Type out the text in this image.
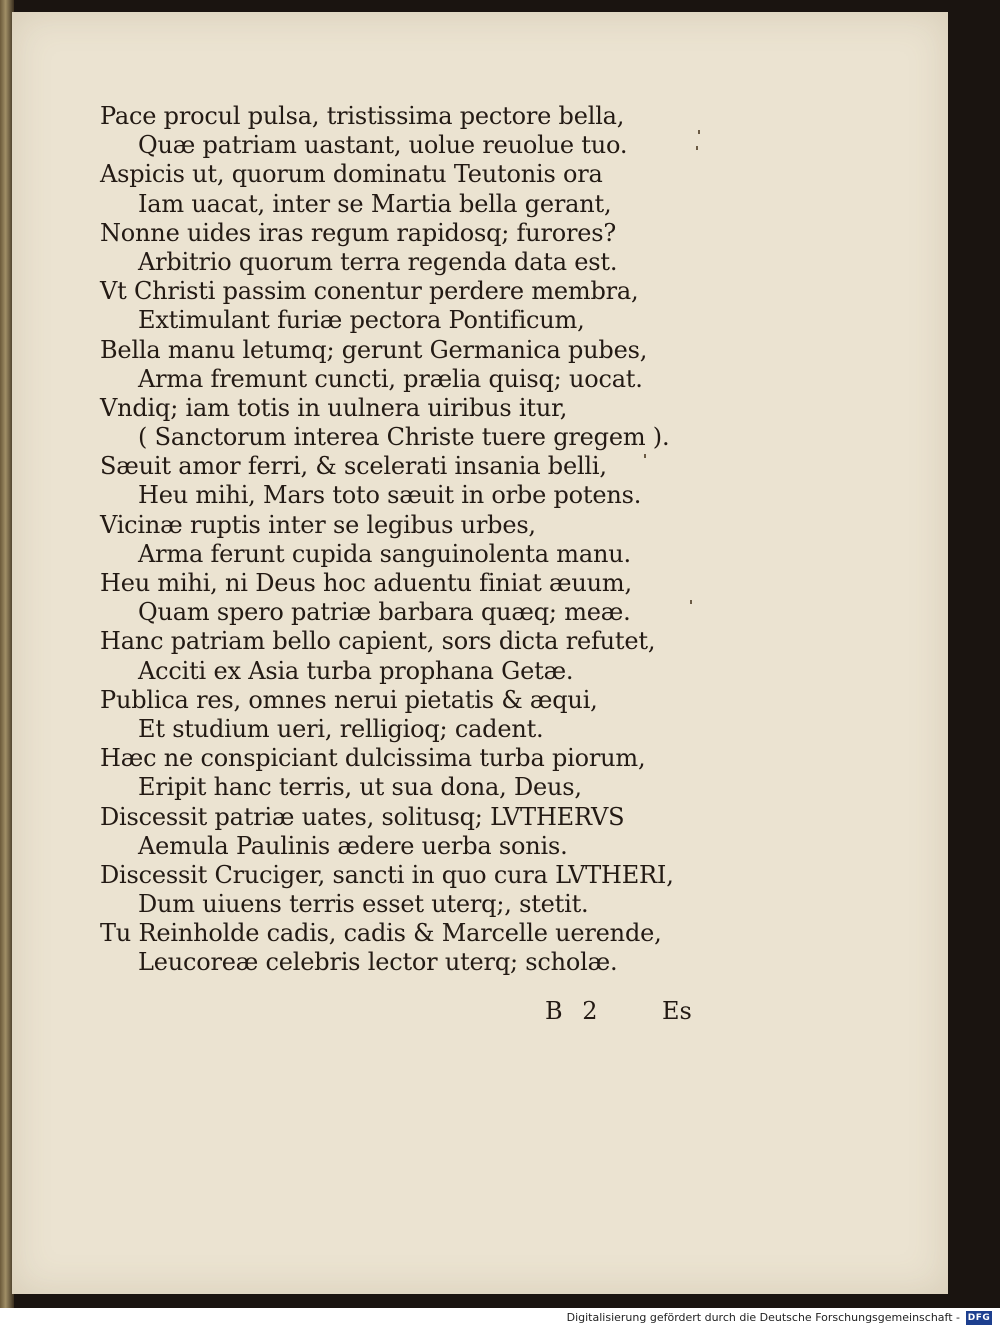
Pace procul pulsa, tristissima pectore bella,
Quæ patriam uastant, uolue reuolue tuo.
Aspicis ut, quorum dominatu Teutonis ora
Iam uacat, inter se Martia bella gerant,
Nonne uides iras regum rapidosq; furores?
Arbitrio quorum terra regenda data est.
Vt Christi passim conentur perdere membra,
Extimulant furiæ pectora Pontificum,
Bella manu letumq; gerunt Germanica pubes,
Arma fremunt cuncti, prælia quisq; uocat.
Vndiq; iam totis in uulnera uiribus itur,
( Sanctorum interea Christe tuere gregem ).
Sæuit amor ferri, & scelerati insania belli,
Heu mihi, Mars toto sæuit in orbe potens.
Vicinæ ruptis inter se legibus urbes,
Arma ferunt cupida sanguinolenta manu.
Heu mihi, ni Deus hoc aduentu finiat æuum,
Quam spero patriæ barbara quæq; meæ.
Hanc patriam bello capient, sors dicta refutet,
Acciti ex Asia turba prophana Getæ.
Publica res, omnes nerui pietatis & æqui,
Et studium ueri, relligioq; cadent.
Hæc ne conspiciant dulcissima turba piorum,
Eripit hanc terris, ut sua dona, Deus,
Discessit patriæ uates, solitusq; LVTHERVS
Aemula Paulinis ædere uerba sonis.
Discessit Cruciger, sancti in quo cura LVTHERI,
Dum uiuens terris esset uterq;, stetit.
Tu Reinholde cadis, cadis & Marcelle uerende,
Leucoreæ celebris lector uterq; scholæ.
B 2 Es
Digitalisierung gefördert durch die Deutsche Forschungsgemeinschaft - DFG
